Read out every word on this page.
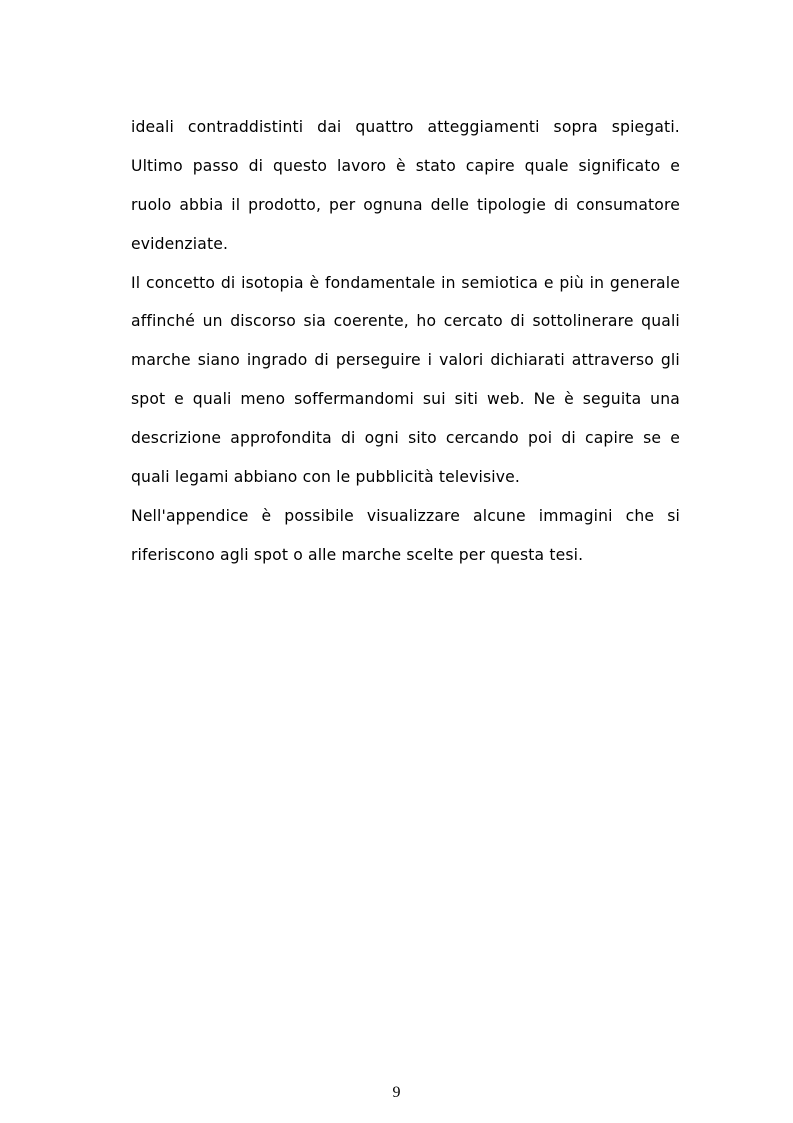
ideali contraddistinti dai quattro atteggiamenti sopra spiegati.
Ultimo passo di questo lavoro è stato capire quale significato e
ruolo abbia il prodotto, per ognuna delle tipologie di consumatore
evidenziate.
Il concetto di isotopia è fondamentale in semiotica e più in generale
affinché un discorso sia coerente, ho cercato di sottolinerare quali
marche siano ingrado di perseguire i valori dichiarati attraverso gli
spot e quali meno soffermandomi sui siti web. Ne è seguita una
descrizione approfondita di ogni sito cercando poi di capire se e
quali legami abbiano con le pubblicità televisive.
Nell'appendice è possibile visualizzare alcune immagini che si
riferiscono agli spot o alle marche scelte per questa tesi.
9
